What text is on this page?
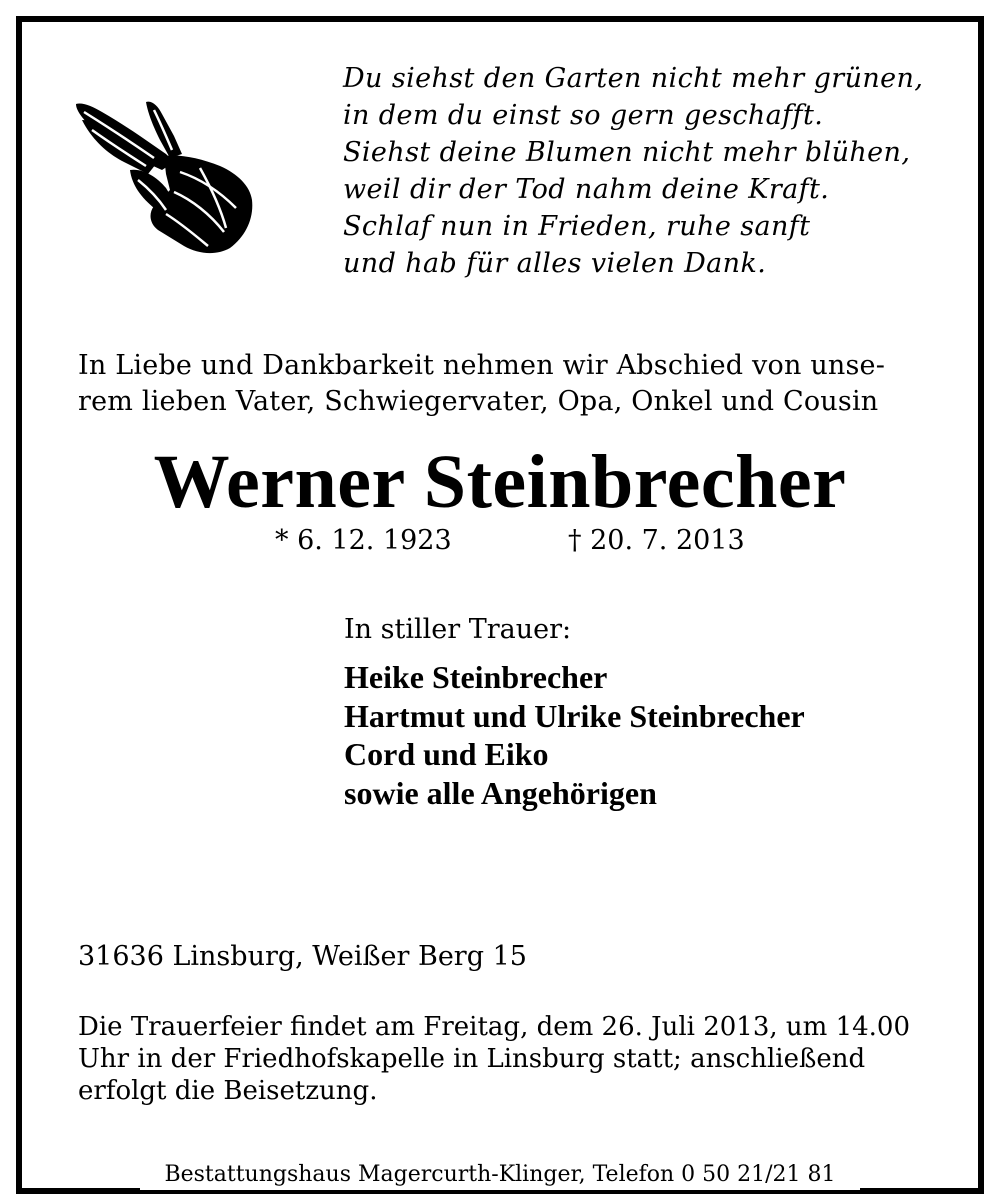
Du siehst den Garten nicht mehr grünen,
in dem du einst so gern geschafft.
Siehst deine Blumen nicht mehr blühen,
weil dir der Tod nahm deine Kraft.
Schlaf nun in Frieden, ruhe sanft
und hab für alles vielen Dank.
In Liebe und Dankbarkeit nehmen wir Abschied von unse-
rem lieben Vater, Schwiegervater, Opa, Onkel und Cousin
Werner Steinbrecher
* 6. 12. 1923	† 20. 7. 2013
In stiller Trauer:
Heike Steinbrecher
Hartmut und Ulrike Steinbrecher
Cord und Eiko
sowie alle Angehörigen
31636 Linsburg, Weißer Berg 15
Die Trauerfeier findet am Freitag, dem 26. Juli 2013, um 14.00
Uhr in der Friedhofskapelle in Linsburg statt; anschließend
erfolgt die Beisetzung.
Bestattungshaus Magercurth-Klinger, Telefon 0 50 21/21 81
